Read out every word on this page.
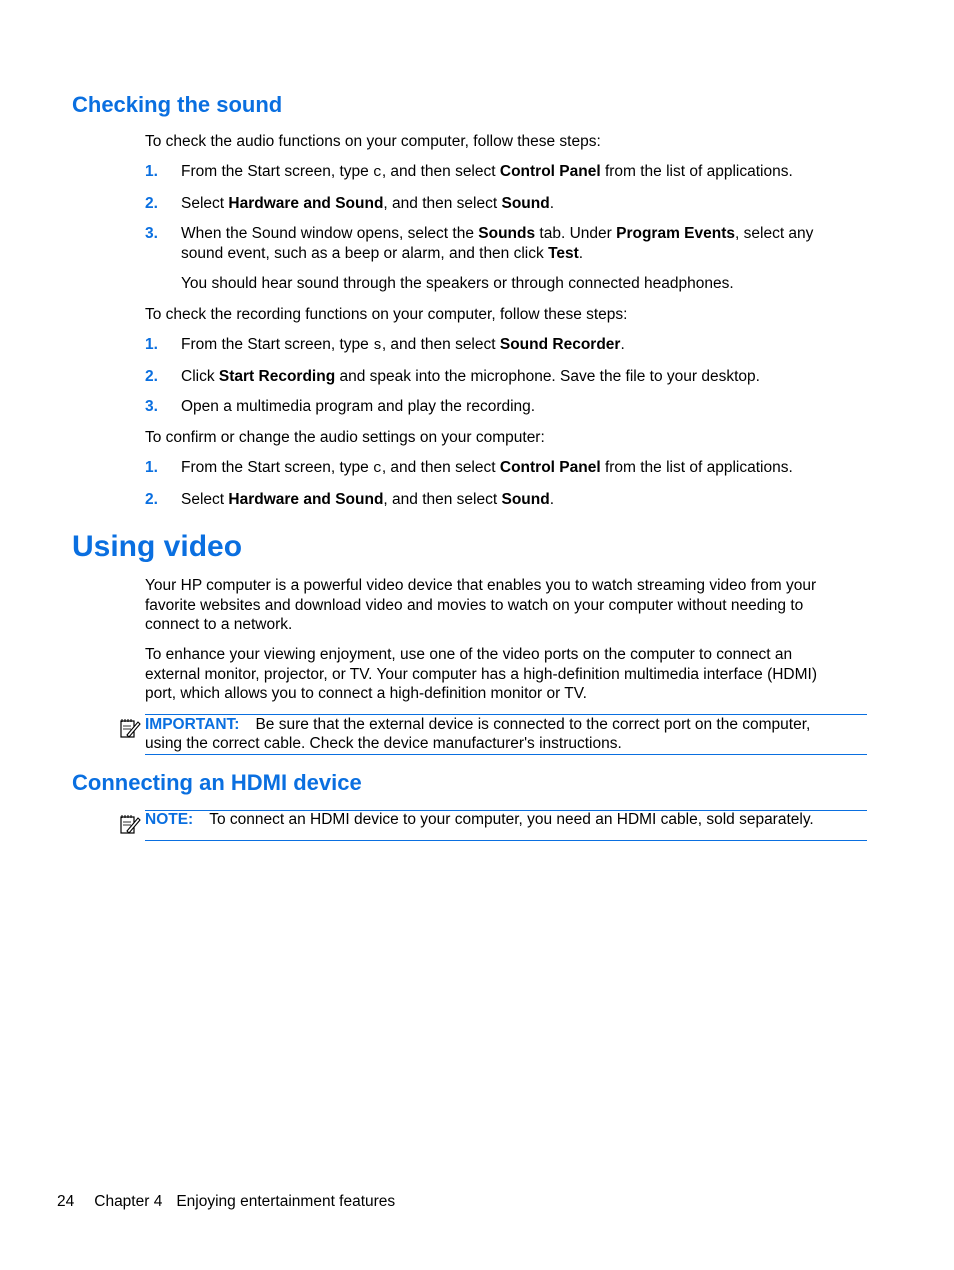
Checking the sound
To check the audio functions on your computer, follow these steps:
1. From the Start screen, type c, and then select Control Panel from the list of applications.
2. Select Hardware and Sound, and then select Sound.
3. When the Sound window opens, select the Sounds tab. Under Program Events, select any
sound event, such as a beep or alarm, and then click Test.
You should hear sound through the speakers or through connected headphones.
To check the recording functions on your computer, follow these steps:
1. From the Start screen, type s, and then select Sound Recorder.
2. Click Start Recording and speak into the microphone. Save the file to your desktop.
3. Open a multimedia program and play the recording.
To confirm or change the audio settings on your computer:
1. From the Start screen, type c, and then select Control Panel from the list of applications.
2. Select Hardware and Sound, and then select Sound.
Using video
Your HP computer is a powerful video device that enables you to watch streaming video from your
favorite websites and download video and movies to watch on your computer without needing to
connect to a network.
To enhance your viewing enjoyment, use one of the video ports on the computer to connect an
external monitor, projector, or TV. Your computer has a high-definition multimedia interface (HDMI)
port, which allows you to connect a high-definition monitor or TV.
IMPORTANT: Be sure that the external device is connected to the correct port on the computer,
using the correct cable. Check the device manufacturer's instructions.
Connecting an HDMI device
NOTE: To connect an HDMI device to your computer, you need an HDMI cable, sold separately.
24 Chapter 4 Enjoying entertainment features
